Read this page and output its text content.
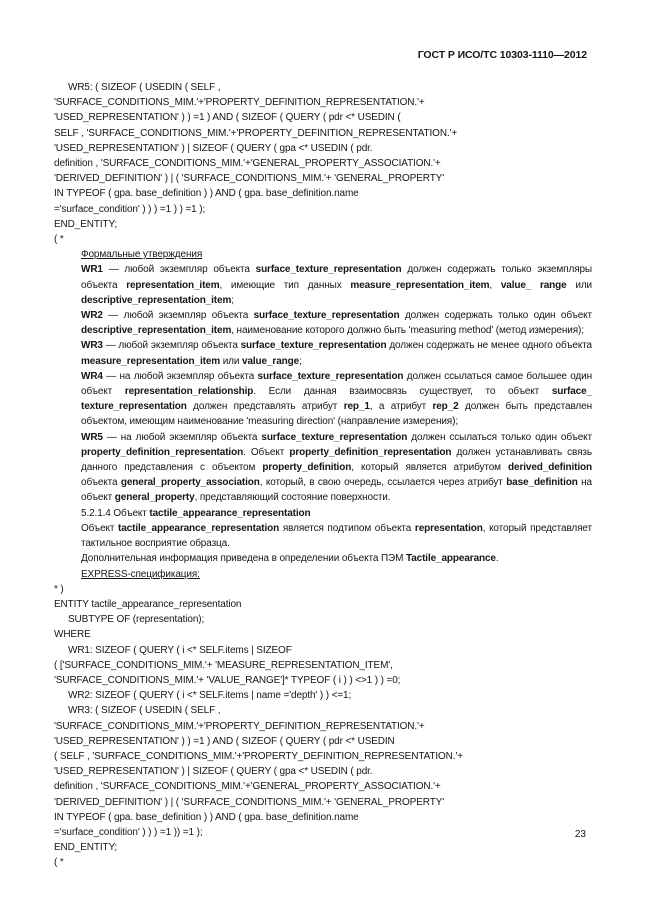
ГОСТ Р ИСО/ТС 10303-1110—2012

WR5: ( SIZEOF ( USEDIN ( SELF ,

'SURFACE_CONDITIONS_MIM.'+'PROPERTY_DEFINITION_REPRESENTATION.'+

'USED_REPRESENTATION' ) ) =1 ) AND ( SIZEOF ( QUERY ( pdr <* USEDIN (

SELF , 'SURFACE_CONDITIONS_MIM.'+'PROPERTY_DEFINITION_REPRESENTATION.'+

'USED_REPRESENTATION' ) | SIZEOF ( QUERY ( gpa <* USEDIN ( pdr.

definition , 'SURFACE_CONDITIONS_MIM.'+'GENERAL_PROPERTY_ASSOCIATION.'+

'DERIVED_DEFINITION' ) | ( 'SURFACE_CONDITIONS_MIM.'+ 'GENERAL_PROPERTY'

IN TYPEOF ( gpa. base_definition ) ) AND ( gpa. base_definition.name

='surface_condition' ) ) ) =1 ) ) =1 );

END_ENTITY;

( *

Формальные утверждения

WR1 — любой экземпляр объекта surface_texture_representation должен содержать только экземпляры объекта representation_item, имеющие тип данных measure_representation_item, value_ range или descriptive_representation_item;

WR2 — любой экземпляр объекта surface_texture_representation должен содержать только один объект descriptive_representation_item, наименование которого должно быть 'measuring method' (метод измерения);

WR3 — любой экземпляр объекта surface_texture_representation должен содержать не менее одного объекта measure_representation_item или value_range;

WR4 — на любой экземпляр объекта surface_texture_representation должен ссылаться самое большее один объект representation_relationship. Если данная взаимосвязь существует, то объект surface_ texture_representation должен представлять атрибут rep_1, а атрибут rep_2 должен быть представлен объектом, имеющим наименование 'measuring direction' (направление измерения);

WR5 — на любой экземпляр объекта surface_texture_representation должен ссылаться только один объект property_definition_representation. Объект property_definition_representation должен устанавливать связь данного представления с объектом property_definition, который является атрибутом derived_definition объекта general_property_association, который, в свою очередь, ссылается через атрибут base_definition на объект general_property, представляющий состояние поверхности.

5.2.1.4 Объект tactile_appearance_representation

Объект tactile_appearance_representation является подтипом объекта representation, который представляет тактильное восприятие образца.

Дополнительная информация приведена в определении объекта ПЭМ Tactile_appearance.

EXPRESS-спецификация:

* )

ENTITY tactile_appearance_representation

SUBTYPE OF (representation);

WHERE

WR1: SIZEOF ( QUERY ( i <* SELF.items | SIZEOF

( ['SURFACE_CONDITIONS_MIM.'+ 'MEASURE_REPRESENTATION_ITEM',

'SURFACE_CONDITIONS_MIM.'+ 'VALUE_RANGE']* TYPEOF ( i ) ) <>1 ) ) =0;

WR2: SIZEOF ( QUERY ( i <* SELF.items | name ='depth' ) ) <=1;

WR3: ( SIZEOF ( USEDIN ( SELF ,

'SURFACE_CONDITIONS_MIM.'+'PROPERTY_DEFINITION_REPRESENTATION.'+

'USED_REPRESENTATION' ) ) =1 ) AND ( SIZEOF ( QUERY ( pdr <* USEDIN

( SELF , 'SURFACE_CONDITIONS_MIM.'+'PROPERTY_DEFINITION_REPRESENTATION.'+

'USED_REPRESENTATION' ) | SIZEOF ( QUERY ( gpa <* USEDIN ( pdr.

definition , 'SURFACE_CONDITIONS_MIM.'+'GENERAL_PROPERTY_ASSOCIATION.'+

'DERIVED_DEFINITION' ) | ( 'SURFACE_CONDITIONS_MIM.'+ 'GENERAL_PROPERTY'

IN TYPEOF ( gpa. base_definition ) ) AND ( gpa. base_definition.name

='surface_condition' ) ) ) =1 )) =1 );

END_ENTITY;

( *

23
